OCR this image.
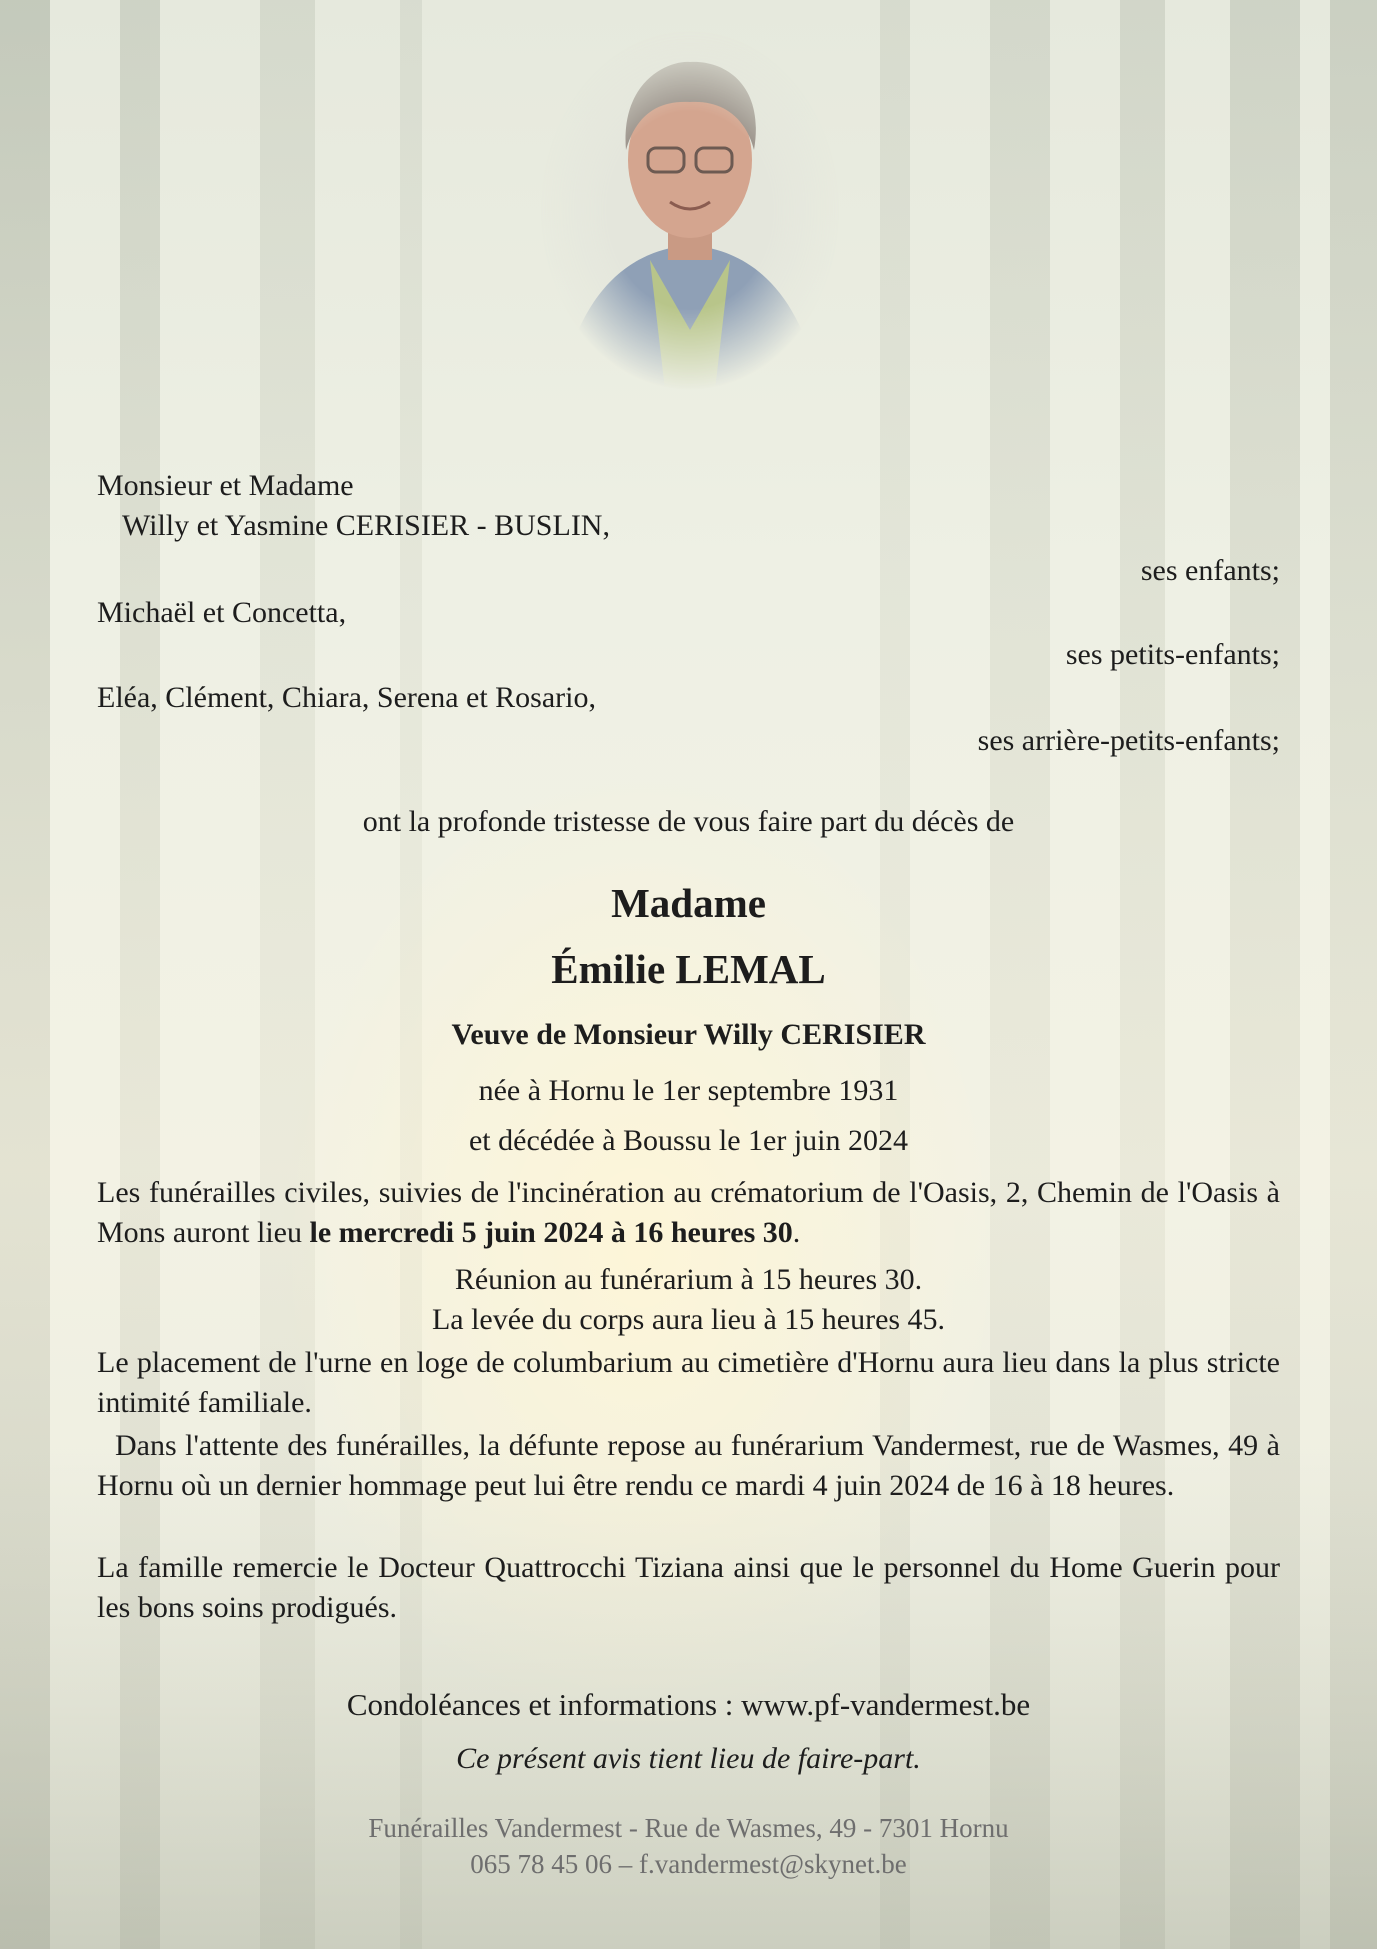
Monsieur et Madame
Willy et Yasmine CERISIER - BUSLIN,
ses enfants;
Michaël et Concetta,
ses petits-enfants;
Eléa, Clément, Chiara, Serena et Rosario,
ses arrière-petits-enfants;
ont la profonde tristesse de vous faire part du décès de
Madame
Émilie LEMAL
Veuve de Monsieur Willy CERISIER
née à Hornu le 1er septembre 1931
et décédée à Boussu le 1er juin 2024
Les funérailles civiles, suivies de l'incinération au crématorium de l'Oasis, 2, Chemin de l'Oasis à Mons auront lieu le mercredi 5 juin 2024 à 16 heures 30.
Réunion au funérarium à 15 heures 30.
La levée du corps aura lieu à 15 heures 45.
Le placement de l'urne en loge de columbarium au cimetière d'Hornu aura lieu dans la plus stricte intimité familiale.
Dans l'attente des funérailles, la défunte repose au funérarium Vandermest, rue de Wasmes, 49 à Hornu où un dernier hommage peut lui être rendu ce mardi 4 juin 2024 de 16 à 18 heures.
La famille remercie le Docteur Quattrocchi Tiziana ainsi que le personnel du Home Guerin pour les bons soins prodigués.
Condoléances et informations : www.pf-vandermest.be
Ce présent avis tient lieu de faire-part.
Funérailles Vandermest - Rue de Wasmes, 49 - 7301 Hornu
065 78 45 06 – f.vandermest@skynet.be
